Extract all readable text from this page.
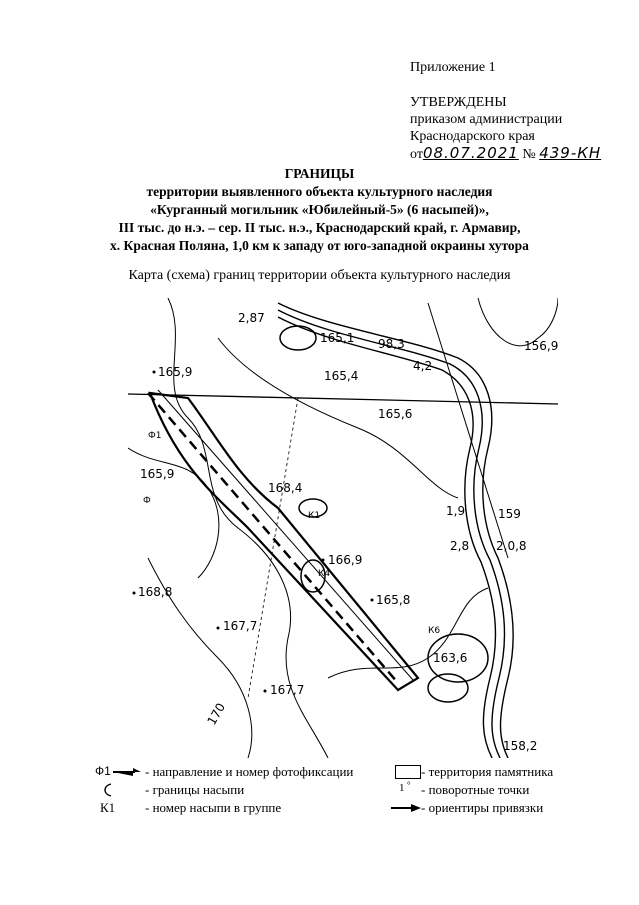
Приложение 1
УТВЕРЖДЕНЫ
приказом администрации
Краснодарского края
от08.07.2021 № 439-КН
ГРАНИЦЫ
территории выявленного объекта культурного наследия
«Курганный могильник «Юбилейный-5» (6 насыпей)»,
III тыс. до н.э. – сер. II тыс. н.э., Краснодарский край, г. Армавир,
х. Красная Поляна, 1,0 км к западу от юго-западной окраины хутора
Карта (схема) границ территории объекта культурного наследия
К1
К4
К6
Ф1
Ф
2,87
165,1 98,3	156,9
165,9	165,4
165,6
4,2
168,4
165,9
1,9	159
2,8 2,0,8
166,9
165,8
168,8
167,7
163,6
167,7
158,2
170
Ф1	- направление и номер фотофиксации
- границы насыпи
К1 - номер насыпи в группе
- территория памятника
1 ° - поворотные точки
- ориентиры привязки
